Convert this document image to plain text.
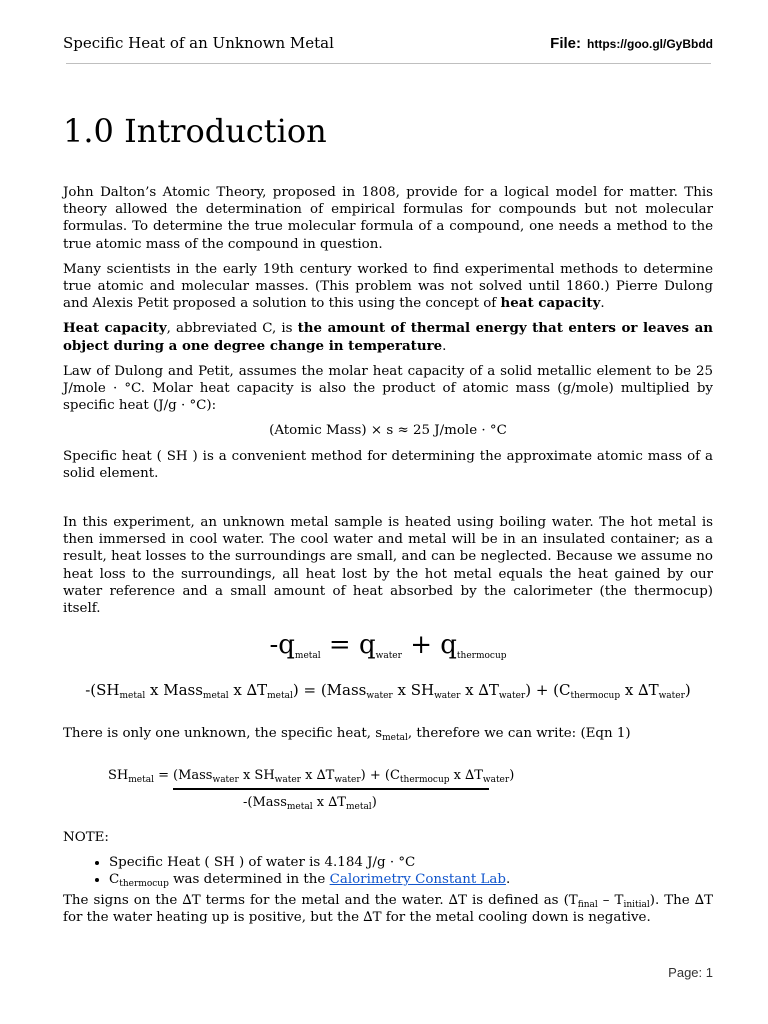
Specific Heat of an Unknown Metal	File: https://goo.gl/GyBbdd
1.0 Introduction

John Dalton’s Atomic Theory, proposed in 1808, provide for a logical model for matter. This theory allowed the determination of empirical formulas for compounds but not molecular formulas. To determine the true molecular formula of a compound, one needs a method to the true atomic mass of the compound in question.

Many scientists in the early 19th century worked to find experimental methods to determine true atomic and molecular masses. (This problem was not solved until 1860.) Pierre Dulong and Alexis Petit proposed a solution to this using the concept of heat capacity.

Heat capacity, abbreviated C, is the amount of thermal energy that enters or leaves an object during a one degree change in temperature.

Law of Dulong and Petit, assumes the molar heat capacity of a solid metallic element to be 25 J/mole · °C. Molar heat capacity is also the product of atomic mass (g/mole) multiplied by specific heat (J/g · °C):

(Atomic Mass) × s ≈ 25 J/mole · °C

Specific heat ( SH ) is a convenient method for determining the approximate atomic mass of a solid element.

In this experiment, an unknown metal sample is heated using boiling water. The hot metal is then immersed in cool water. The cool water and metal will be in an insulated container; as a result, heat losses to the surroundings are small, and can be neglected. Because we assume no heat loss to the surroundings, all heat lost by the hot metal equals the heat gained by our water reference and a small amount of heat absorbed by the calorimeter (the thermocup) itself.

$-q_{metal} = q_{water} + q_{thermocup}$
$-(SH_{metal}$ x Mass$_{metal}$ x $\Delta T_{metal}$) = (Mass$_{water}$ x $SH_{water}$ x $\Delta T_{water}) + (C_{thermocup}$ x $\Delta T_{water}$)

There is only one unknown, the specific heat, $s_{metal}$, therefore we can write: (Eqn 1)

$SH_{metal}$ = (Mass$_{water}$ x $SH_{water}$ x $\Delta T_{water}) + (C_{thermocup}$ x $\Delta T_{water}$)
-(Mass$_{metal}$ x $\Delta T_{metal}$)

NOTE:

• Specific Heat ( SH ) of water is 4.184 J/g · °C
• $C_{thermocup}$ was determined in the Calorimetry Constant Lab.

The signs on the ∆T terms for the metal and the water. ∆T is defined as $(T_{final} - T_{initial})$. The ∆T for the water heating up is positive, but the ∆T for the metal cooling down is negative.

Page: 1
